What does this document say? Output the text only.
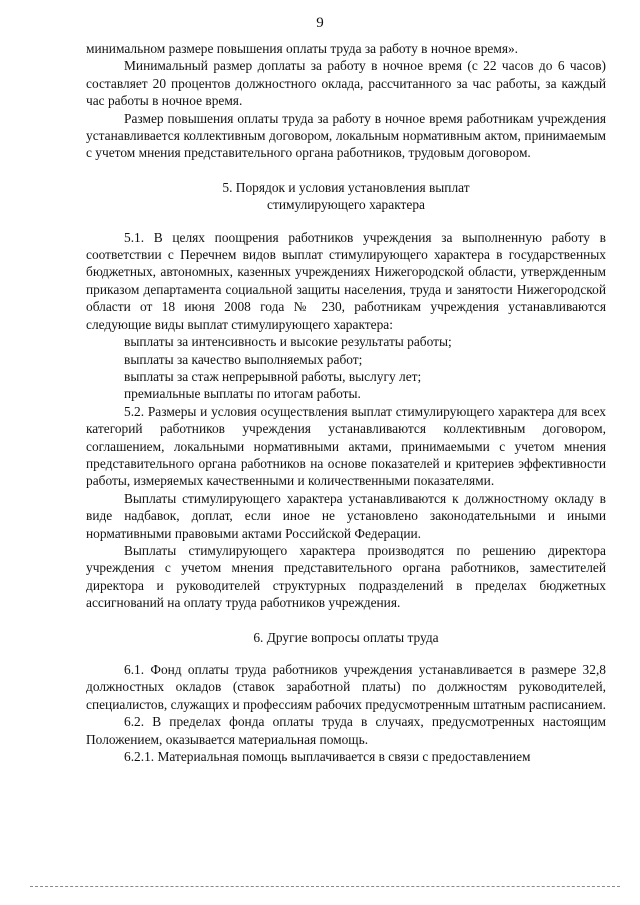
9

минимальном размере повышения оплаты труда за работу в ночное время».

Минимальный размер доплаты за работу в ночное время (с 22 часов до 6 часов) составляет 20 процентов должностного оклада, рассчитанного за час работы, за каждый час работы в ночное время.

Размер повышения оплаты труда за работу в ночное время работникам учреждения устанавливается коллективным договором, локальным нормативным актом, принимаемым с учетом мнения представительного органа работников, трудовым договором.

5. Порядок и условия установления выплат

стимулирующего характера

5.1. В целях поощрения работников учреждения за выполненную работу в соответствии с Перечнем видов выплат стимулирующего характера в государственных бюджетных, автономных, казенных учреждениях Нижегородской области, утвержденным приказом департамента социальной защиты населения, труда и занятости Нижегородской области от 18 июня 2008 года № 230, работникам учреждения устанавливаются следующие виды выплат стимулирующего характера:

выплаты за интенсивность и высокие результаты работы;

выплаты за качество выполняемых работ;

выплаты за стаж непрерывной работы, выслугу лет;

премиальные выплаты по итогам работы.

5.2. Размеры и условия осуществления выплат стимулирующего характера для всех категорий работников учреждения устанавливаются коллективным договором, соглашением, локальными нормативными актами, принимаемыми с учетом мнения представительного органа работников на основе показателей и критериев эффективности работы, измеряемых качественными и количественными показателями.

Выплаты стимулирующего характера устанавливаются к должностному окладу в виде надбавок, доплат, если иное не установлено законодательными и иными нормативными правовыми актами Российской Федерации.

Выплаты стимулирующего характера производятся по решению директора учреждения с учетом мнения представительного органа работников, заместителей директора и руководителей структурных подразделений в пределах бюджетных ассигнований на оплату труда работников учреждения.

6. Другие вопросы оплаты труда

6.1. Фонд оплаты труда работников учреждения устанавливается в размере 32,8 должностных окладов (ставок заработной платы) по должностям руководителей, специалистов, служащих и профессиям рабочих предусмотренным штатным расписанием.

6.2. В пределах фонда оплаты труда в случаях, предусмотренных настоящим Положением, оказывается материальная помощь.

6.2.1. Материальная помощь выплачивается в связи с предоставлением
